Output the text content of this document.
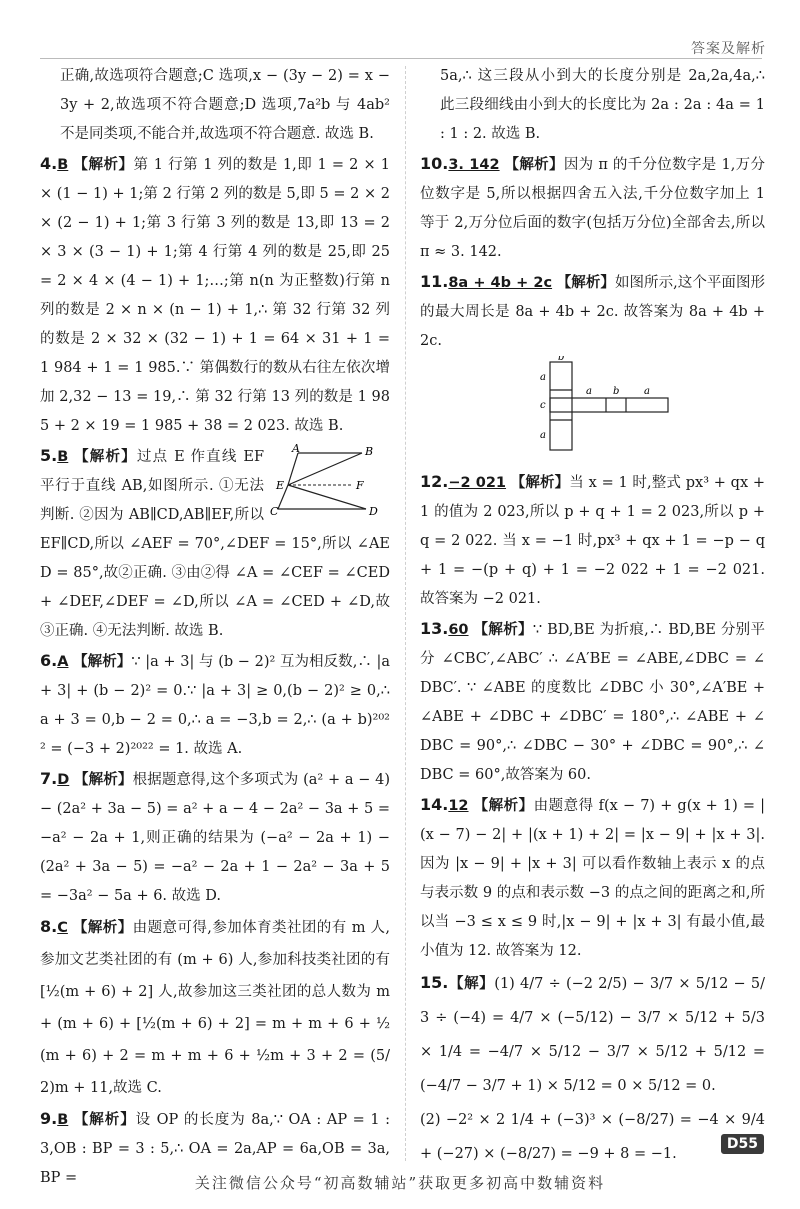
答案及解析

正确,故选项符合题意;C 选项,x − (3y − 2) = x − 3y + 2,故选项不符合题意;D 选项,7a²b 与 4ab² 不是同类项,不能合并,故选项不符合题意. 故选 B.

4.B 【解析】第 1 行第 1 列的数是 1,即 1 = 2 × 1 × (1 − 1) + 1;第 2 行第 2 列的数是 5,即 5 = 2 × 2 × (2 − 1) + 1;第 3 行第 3 列的数是 13,即 13 = 2 × 3 × (3 − 1) + 1;第 4 行第 4 列的数是 25,即 25 = 2 × 4 × (4 − 1) + 1;…;第 n(n 为正整数)行第 n 列的数是 2 × n × (n − 1) + 1,∴ 第 32 行第 32 列的数是 2 × 32 × (32 − 1) + 1 = 64 × 31 + 1 = 1 984 + 1 = 1 985.∵ 第偶数行的数从右往左依次增加 2,32 − 13 = 19,∴ 第 32 行第 13 列的数是 1 985 + 2 × 19 = 1 985 + 38 = 2 023. 故选 B.

A	B
E	F
C	D

5.B 【解析】过点 E 作直线 EF 平行于直线 AB,如图所示. ①无法判断. ②因为 AB∥CD,AB∥EF,所以 EF∥CD,所以 ∠AEF = 70°,∠DEF = 15°,所以 ∠AED = 85°,故②正确. ③由②得 ∠A = ∠CEF = ∠CED + ∠DEF,∠DEF = ∠D,所以 ∠A = ∠CED + ∠D,故③正确. ④无法判断. 故选 B.

6.A 【解析】∵ |a + 3| 与 (b − 2)² 互为相反数,∴ |a + 3| + (b − 2)² = 0.∵ |a + 3| ≥ 0,(b − 2)² ≥ 0,∴ a + 3 = 0,b − 2 = 0,∴ a = −3,b = 2,∴ (a + b)²⁰²² = (−3 + 2)²⁰²² = 1. 故选 A.

7.D 【解析】根据题意得,这个多项式为 (a² + a − 4) − (2a² + 3a − 5) = a² + a − 4 − 2a² − 3a + 5 = −a² − 2a + 1,则正确的结果为 (−a² − 2a + 1) − (2a² + 3a − 5) = −a² − 2a + 1 − 2a² − 3a + 5 = −3a² − 5a + 6. 故选 D.

8.C 【解析】由题意可得,参加体育类社团的有 m 人,参加文艺类社团的有 (m + 6) 人,参加科技类社团的有 [½(m + 6) + 2] 人,故参加这三类社团的总人数为 m + (m + 6) + [½(m + 6) + 2] = m + m + 6 + ½(m + 6) + 2 = m + m + 6 + ½m + 3 + 2 = (5/2)m + 11,故选 C.

9.B 【解析】设 OP 的长度为 8a,∵ OA : AP = 1 : 3,OB : BP = 3 : 5,∴ OA = 2a,AP = 6a,OB = 3a,BP =

5a,∴ 这三段从小到大的长度分别是 2a,2a,4a,∴ 此三段细线由小到大的长度比为 2a : 2a : 4a = 1 : 1 : 2. 故选 B.

10.3. 142 【解析】因为 π 的千分位数字是 1,万分位数字是 5,所以根据四舍五入法,千分位数字加上 1 等于 2,万分位后面的数字(包括万分位)全部舍去,所以 π ≈ 3. 142.

11.8a + 4b + 2c 【解析】如图所示,这个平面图形的最大周长是 8a + 4b + 2c. 故答案为 8a + 4b + 2c.

b
a
c
a
a b a

12.−2 021 【解析】当 x = 1 时,整式 px³ + qx + 1 的值为 2 023,所以 p + q + 1 = 2 023,所以 p + q = 2 022. 当 x = −1 时,px³ + qx + 1 = −p − q + 1 = −(p + q) + 1 = −2 022 + 1 = −2 021. 故答案为 −2 021.

13.60 【解析】∵ BD,BE 为折痕,∴ BD,BE 分别平分 ∠CBC′,∠ABC′ ∴ ∠A′BE = ∠ABE,∠DBC = ∠DBC′. ∵ ∠ABE 的度数比 ∠DBC 小 30°,∠A′BE + ∠ABE + ∠DBC + ∠DBC′ = 180°,∴ ∠ABE + ∠DBC = 90°,∴ ∠DBC − 30° + ∠DBC = 90°,∴ ∠DBC = 60°,故答案为 60.

14.12 【解析】由题意得 f(x − 7) + g(x + 1) = |(x − 7) − 2| + |(x + 1) + 2| = |x − 9| + |x + 3|. 因为 |x − 9| + |x + 3| 可以看作数轴上表示 x 的点与表示数 9 的点和表示数 −3 的点之间的距离之和,所以当 −3 ≤ x ≤ 9 时,|x − 9| + |x + 3| 有最小值,最小值为 12. 故答案为 12.

15.【解】(1) 4/7 ÷ (−2 2/5) − 3/7 × 5/12 − 5/3 ÷ (−4) = 4/7 × (−5/12) − 3/7 × 5/12 + 5/3 × 1/4 = −4/7 × 5/12 − 3/7 × 5/12 + 5/12 = (−4/7 − 3/7 + 1) × 5/12 = 0 × 5/12 = 0.

(2) −2² × 2 1/4 + (−3)³ × (−8/27) = −4 × 9/4 + (−27) × (−8/27) = −9 + 8 = −1.

D55
关注微信公众号“初高数辅站”获取更多初高中数辅资料
